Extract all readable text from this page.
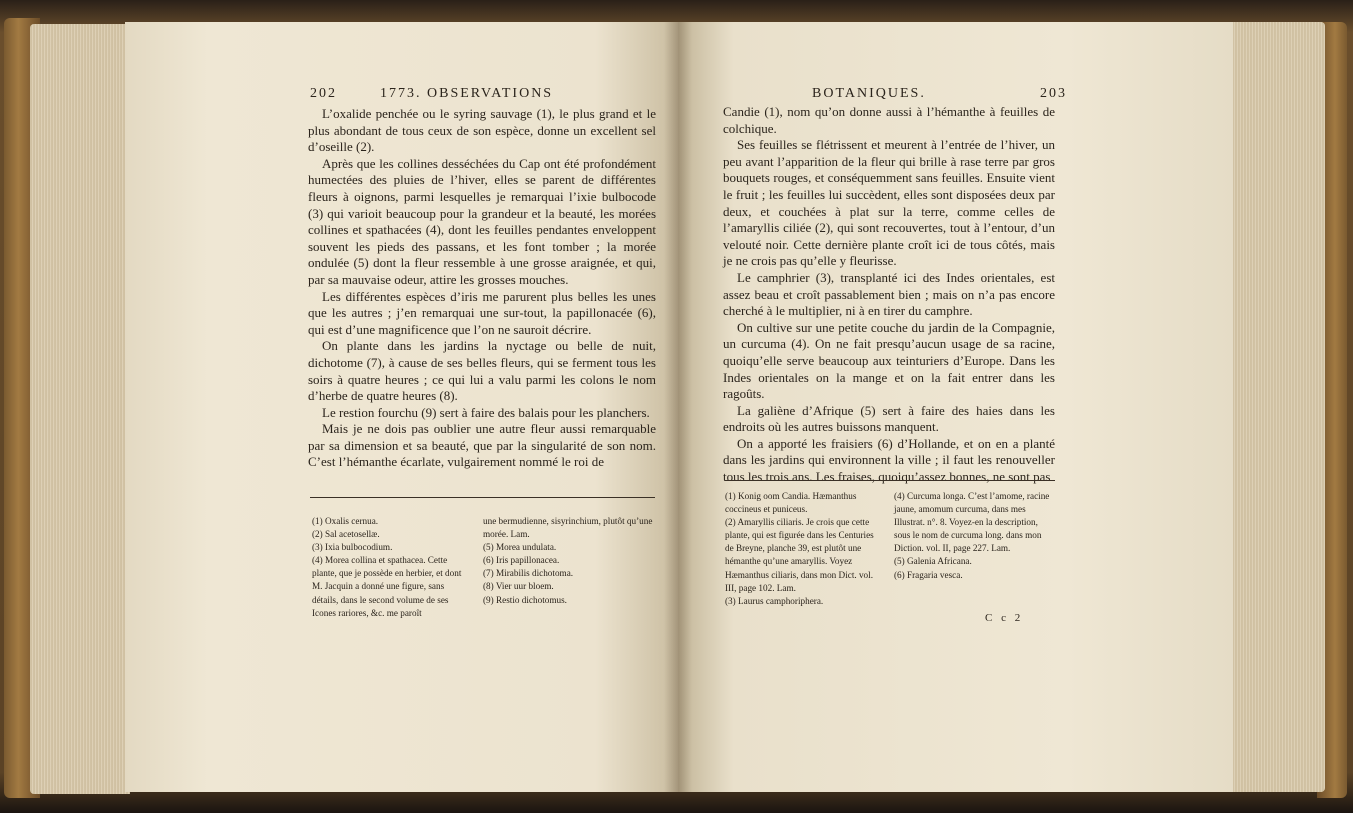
202	1773. OBSERVATIONS

L’oxalide penchée ou le syring sauvage (1), le plus grand et le plus abondant de tous ceux de son espèce, donne un excellent sel d’oseille (2).

Après que les collines desséchées du Cap ont été profondément humectées des pluies de l’hiver, elles se parent de différentes fleurs à oignons, parmi lesquelles je remarquai l’ixie bulbocode (3) qui varioit beaucoup pour la grandeur et la beauté, les morées collines et spathacées (4), dont les feuilles pendantes enveloppent souvent les pieds des passans, et les font tomber ; la morée ondulée (5) dont la fleur ressemble à une grosse araignée, et qui, par sa mauvaise odeur, attire les grosses mouches.

Les différentes espèces d’iris me parurent plus belles les unes que les autres ; j’en remarquai une sur-tout, la papillonacée (6), qui est d’une magnificence que l’on ne sauroit décrire.

On plante dans les jardins la nyctage ou belle de nuit, dichotome (7), à cause de ses belles fleurs, qui se ferment tous les soirs à quatre heures ; ce qui lui a valu parmi les colons le nom d’herbe de quatre heures (8).

Le restion fourchu (9) sert à faire des balais pour les planchers.

Mais je ne dois pas oublier une autre fleur aussi remarquable par sa dimension et sa beauté, que par la singularité de son nom. C’est l’hémanthe écarlate, vulgairement nommé le roi de

(1) Oxalis cernua.
(2) Sal acetosellæ.
(3) Ixia bulbocodium.
(4) Morea collina et spathacea. Cette plante, que je possède en herbier, et dont M. Jacquin a donné une figure, sans détails, dans le second volume de ses Icones rariores, &c. me paroît
une bermudienne, sisyrinchium, plutôt qu’une morée. Lam.
(5) Morea undulata.
(6) Iris papillonacea.
(7) Mirabilis dichotoma.
(8) Vier uur bloem.
(9) Restio dichotomus.
BOTANIQUES.	203

Candie (1), nom qu’on donne aussi à l’hémanthe à feuilles de colchique.

Ses feuilles se flétrissent et meurent à l’entrée de l’hiver, un peu avant l’apparition de la fleur qui brille à rase terre par gros bouquets rouges, et conséquemment sans feuilles. Ensuite vient le fruit ; les feuilles lui succèdent, elles sont disposées deux par deux, et couchées à plat sur la terre, comme celles de l’amaryllis ciliée (2), qui sont recouvertes, tout à l’entour, d’un velouté noir. Cette dernière plante croît ici de tous côtés, mais je ne crois pas qu’elle y fleurisse.

Le camphrier (3), transplanté ici des Indes orientales, est assez beau et croît passablement bien ; mais on n’a pas encore cherché à le multiplier, ni à en tirer du camphre.

On cultive sur une petite couche du jardin de la Compagnie, un curcuma (4). On ne fait presqu’aucun usage de sa racine, quoiqu’elle serve beaucoup aux teinturiers d’Europe. Dans les Indes orientales on la mange et on la fait entrer dans les ragoûts.

La galiène d’Afrique (5) sert à faire des haies dans les endroits où les autres buissons manquent.

On a apporté les fraisiers (6) d’Hollande, et on en a planté dans les jardins qui environnent la ville ; il faut les renouveller tous les trois ans. Les fraises, quoiqu’assez bonnes, ne sont pas

(1) Konig oom Candia. Hæmanthus coccineus et puniceus.
(2) Amaryllis ciliaris. Je crois que cette plante, qui est figurée dans les Centuries de Breyne, planche 39, est plutôt une hémanthe qu’une amaryllis. Voyez Hæmanthus ciliaris, dans mon Dict. vol. III, page 102. Lam.
(3) Laurus camphoriphera.
(4) Curcuma longa. C’est l’amome, racine jaune, amomum curcuma, dans mes Illustrat. n°. 8. Voyez-en la description, sous le nom de curcuma long. dans mon Diction. vol. II, page 227. Lam.
(5) Galenia Africana.
(6) Fragaria vesca.
C c 2
